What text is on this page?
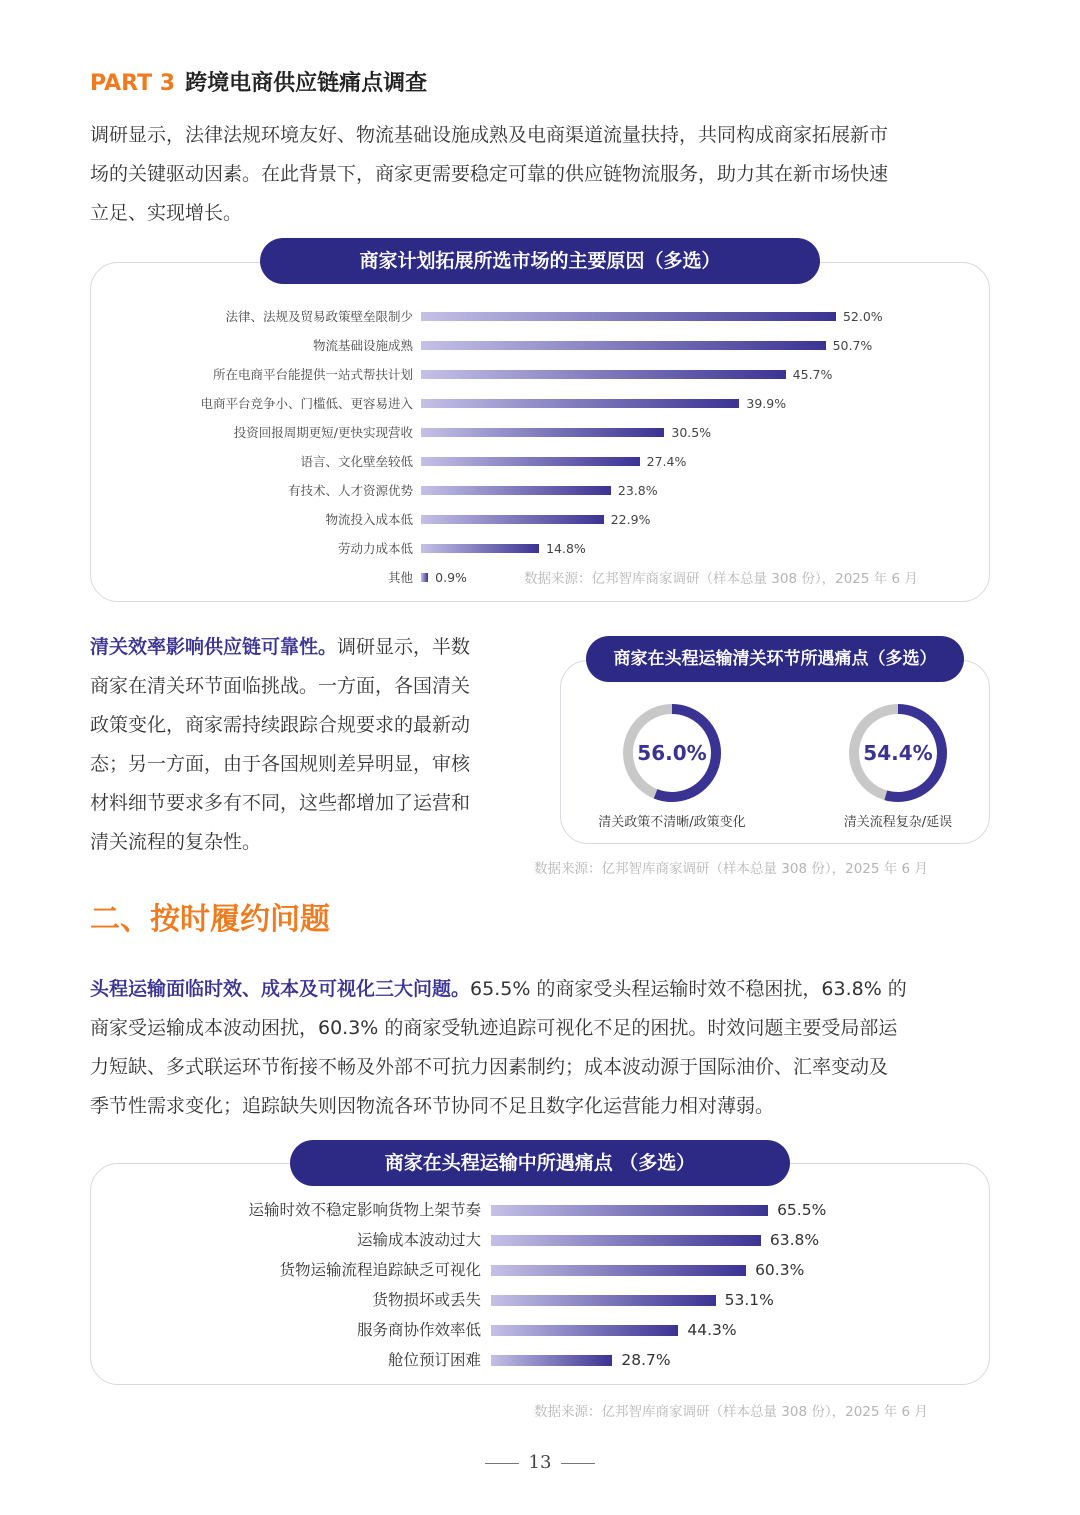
PART 3 跨境电商供应链痛点调查
调研显示，法律法规环境友好、物流基础设施成熟及电商渠道流量扶持，共同构成商家拓展新市
场的关键驱动因素。在此背景下，商家更需要稳定可靠的供应链物流服务，助力其在新市场快速
立足、实现增长。
商家计划拓展所选市场的主要原因（多选）
法律、法规及贸易政策壁垒限制少	52.0%
物流基础设施成熟	50.7%
所在电商平台能提供一站式帮扶计划	45.7%
电商平台竞争小、门槛低、更容易进入	39.9%
投资回报周期更短/更快实现营收	30.5%
语言、文化壁垒较低	27.4%
有技术、人才资源优势	23.8%
物流投入成本低	22.9%
劳动力成本低	14.8%
其他 0.9%	数据来源：亿邦智库商家调研（样本总量 308 份），2025 年 6 月
清关效率影响供应链可靠性。调研显示，半数
商家在清关环节面临挑战。一方面，各国清关
政策变化，商家需持续跟踪合规要求的最新动
态；另一方面，由于各国规则差异明显，审核
材料细节要求多有不同，这些都增加了运营和
清关流程的复杂性。
商家在头程运输清关环节所遇痛点（多选）
56.0%
清关政策不清晰/政策变化
54.4%
清关流程复杂/延误
数据来源：亿邦智库商家调研（样本总量 308 份），2025 年 6 月
二、按时履约问题
头程运输面临时效、成本及可视化三大问题。65.5% 的商家受头程运输时效不稳困扰，63.8% 的
商家受运输成本波动困扰，60.3% 的商家受轨迹追踪可视化不足的困扰。时效问题主要受局部运
力短缺、多式联运环节衔接不畅及外部不可抗力因素制约；成本波动源于国际油价、汇率变动及
季节性需求变化；追踪缺失则因物流各环节协同不足且数字化运营能力相对薄弱。
商家在头程运输中所遇痛点 （多选）
运输时效不稳定影响货物上架节奏	65.5%
运输成本波动过大	63.8%
货物运输流程追踪缺乏可视化	60.3%
货物损坏或丢失	53.1%
服务商协作效率低	44.3%
舱位预订困难	28.7%
数据来源：亿邦智库商家调研（样本总量 308 份），2025 年 6 月
13
